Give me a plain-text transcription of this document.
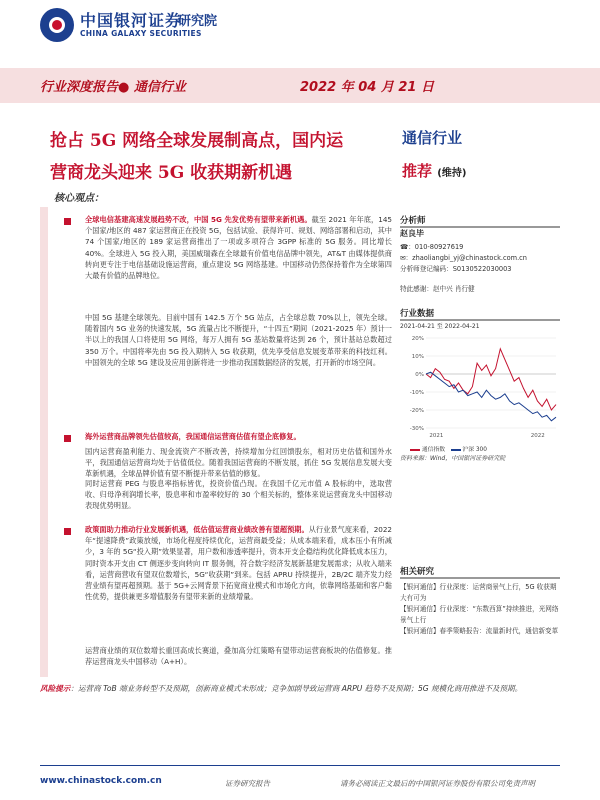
中国银河证券
CHINA GALAXY SECURITIES
研究院
行业深度报告● 通信行业	2022 年 04 月 21 日
抢占 5G 网络全球发展制高点，国内运
营商龙头迎来 5G 收获期新机遇
通信行业
推荐 (维持)
核心观点：
全球电信基建高速发展趋势不改，中国 5G 先发优势有望带来新机遇。截至 2021 年年底，145 个国家/地区的 487 家运营商正在投资 5G，包括试验、获得许可、规划、网络部署和启动，其中 74 个国家/地区的 189 家运营商推出了一项或多项符合 3GPP 标准的 5G 服务。同比增长 40%。全球进入 5G 投入期，美国威瑞森在全球最有价值电信品牌中领先，AT&T 由媒体提供商转向更专注于电信基础设施运营商，重点建设 5G 网络基建。中国移动仍然保持着作为全球第四大最有价值的品牌地位。
中国 5G 基建全球领先。目前中国有 142.5 万个 5G 站点，占全球总数 70%以上，领先全球。随着国内 5G 业务的快速发展，5G 流量占比不断提升，“十四五”期间（2021-2025 年）预计一半以上的我国人口将使用 5G 网络，每万人拥有 5G 基站数量将达到 26 个，预计基站总数超过 350 万个。中国将率先由 5G 投入期转入 5G 收获期，优先享受信息发展变革带来的科技红利。中国领先的全球 5G 建设及应用创新将进一步推动我国数据经济的发展，打开新的市场空间。
海外运营商品牌领先估值较高，我国通信运营商估值有望企底修复。
国内运营商盈利能力、现金流资产不断改善，持续增加分红回馈股东，相对历史估值和国外水平，我国通信运营商均处于估值低位。随着我国运营商的不断发展，抓住 5G 发展信息发展大变革新机遇，全球品牌价值有望不断提升带来估值的修复。
同时运营商 PEG 与股息率指标皆优，投资价值凸现。在我国千亿元市值 A 股标的中，选取营收、归母净利润增长率，股息率和市盈率较好的 30 个相关标的，整体来说运营商龙头中国移动表现优势明显。
政策面助力推动行业发展新机遇，低估值运营商业绩改善有望超预期。从行业景气度来看，2022 年“提速降费”政策放缓，市场化程度持续优化，运营商最受益；从成本端来看，成本压小有所减少，3 年的 5G“投入期”效果显著，用户数和渗透率提升，资本开支企稳结构优化降低成本压力，同时资本开支由 CT 侧逐步变向转向 IT 服务侧，符合数字经济发展新基建发展需求；从收入端来看，运营商营收有望双位数增长，5G“收获期”到来。包括 APRU 持续提升，2B/2C 端齐发力经营业绩有望再超预期。基于 5G+云网背景下拓宽商业模式和市场化方向，依靠网络基础和客户黏性优势，提供兼更多增值服务有望带来新的业绩增量。
运营商业绩的双位数增长重回高成长赛道，叠加高分红策略有望带动运营商板块的估值修复。推荐运营商龙头中国移动（A+H）。
分析师
赵良毕
☎：010-80927619
✉：zhaoliangbi_yj@chinastock.com.cn
分析师登记编码：S0130522030003
特此感谢：赵中兴 肖行健
行业数据
2021-04-21 至 2022-04-21
20%
10%
0%
-10%
-20%
-30%
2021	2022
通信指数	沪深 300
资料来源：Wind，中国银河证券研究院
相关研究
【银河通信】行业深度：运营商景气上行，5G 收获期大有可为
【银河通信】行业深度：“东数西算”持续推进，光网络景气上行
【银河通信】春季策略报告：流量新时代，通信新变革
风险提示：运营商 ToB 端业务转型不及预期，创新商业模式未形成；竞争加剧导致运营商 ARPU 趋势不及预期；5G 规模化商用推进不及预期。
www.chinastock.com.cn	证券研究报告	请务必阅读正文最后的中国银河证券股份有限公司免责声明
